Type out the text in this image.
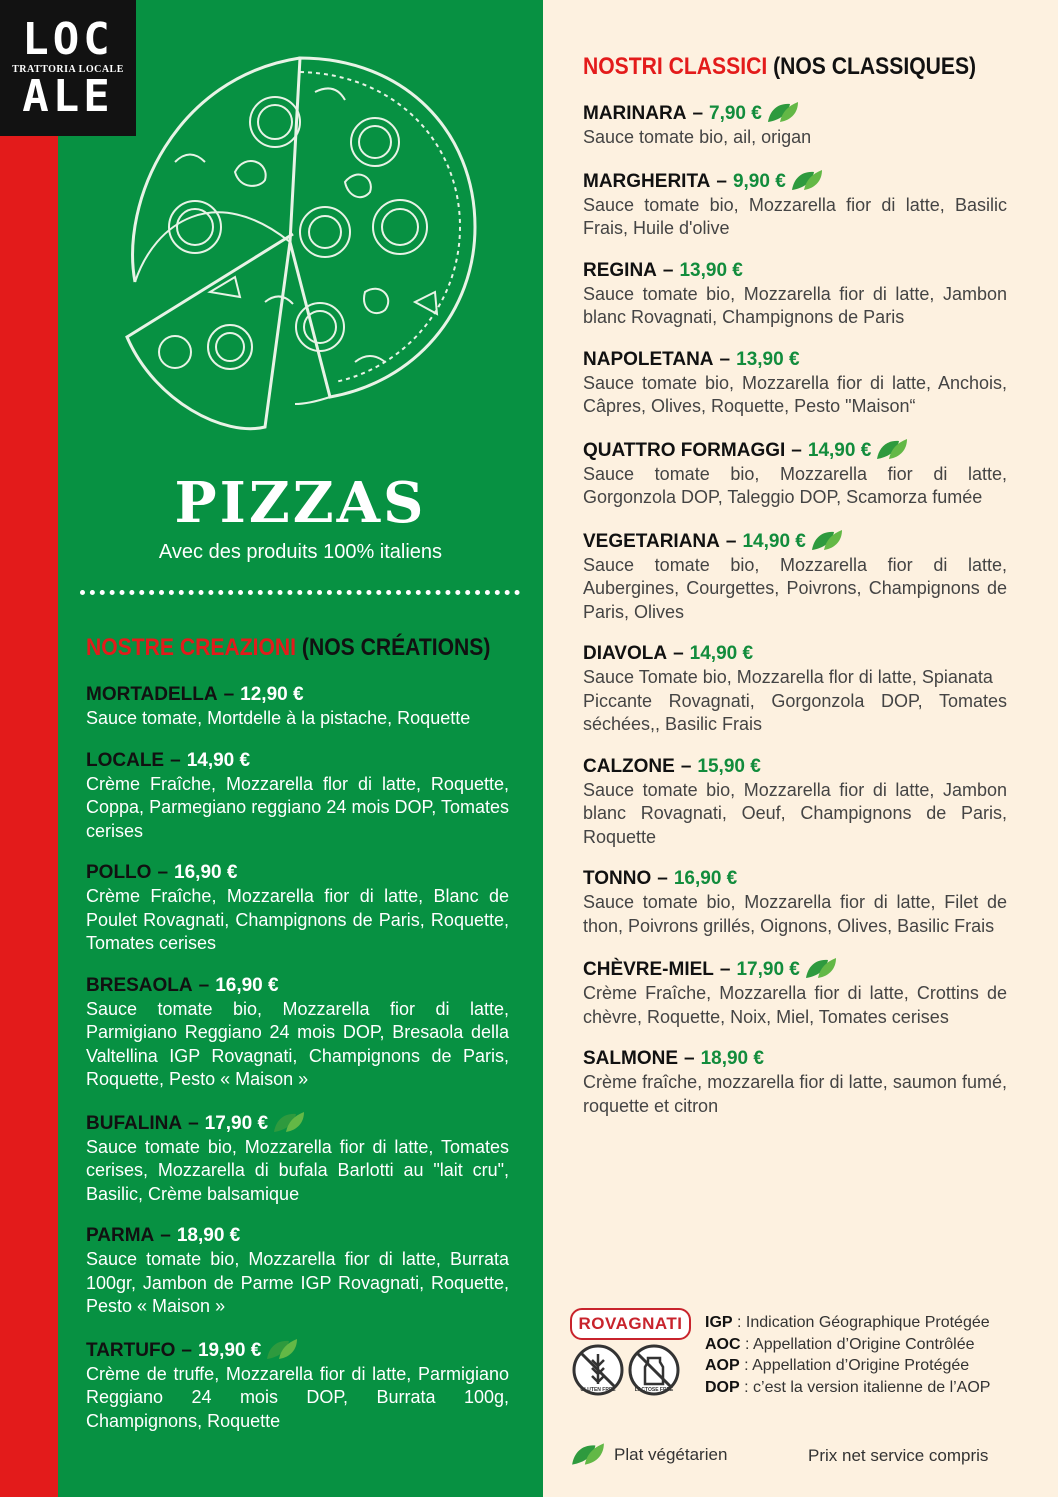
LOC
TRATTORIA LOCALE
ALE
PIZZAS
Avec des produits 100% italiens
NOSTRE CREAZIONI (NOS CRÉATIONS)
NOSTRI CLASSICI (NOS CLASSIQUES)
MORTADELLA – 12,90 €
Sauce tomate, Mortdelle à la pistache, Roquette
LOCALE – 14,90 €
Crème Fraîche, Mozzarella flor di latte, Roquette, Coppa, Parmegiano reggiano 24 mois DOP, Tomates cerises
POLLO – 16,90 €
Crème Fraîche, Mozzarella fior di latte, Blanc de Poulet Rovagnati, Champignons de Paris, Roquette, Tomates cerises
BRESAOLA – 16,90 €
Sauce tomate bio, Mozzarella fior di latte, Parmigiano Reggiano 24 mois DOP, Bresaola della Valtellina IGP Rovagnati, Champignons de Paris, Roquette, Pesto « Maison »
BUFALINA – 17,90 €
Sauce tomate bio, Mozzarella fior di latte, Tomates cerises, Mozzarella di bufala Barlotti au "lait cru", Basilic, Crème balsamique
PARMA – 18,90 €
Sauce tomate bio, Mozzarella fior di latte, Burrata 100gr, Jambon de Parme IGP Rovagnati, Roquette, Pesto « Maison »
TARTUFO – 19,90 €
Crème de truffe, Mozzarella fior di latte, Parmigiano Reggiano 24 mois DOP, Burrata 100g, Champignons, Roquette
MARINARA – 7,90 €
Sauce tomate bio, ail, origan
MARGHERITA – 9,90 €
Sauce tomate bio, Mozzarella fior di latte, Basilic Frais, Huile d'olive
REGINA – 13,90 €
Sauce tomate bio, Mozzarella fior di latte, Jambon blanc Rovagnati, Champignons de Paris
NAPOLETANA – 13,90 €
Sauce tomate bio, Mozzarella fior di latte, Anchois, Câpres, Olives, Roquette, Pesto "Maison“
QUATTRO FORMAGGI – 14,90 €
Sauce tomate bio, Mozzarella fior di latte, Gorgonzola DOP, Taleggio DOP, Scamorza fumée
VEGETARIANA – 14,90 €
Sauce tomate bio, Mozzarella fior di latte, Aubergines, Courgettes, Poivrons, Champignons de Paris, Olives
DIAVOLA – 14,90 €
Sauce Tomate bio, Mozzarella flor di latte, Spianata
Piccante Rovagnati, Gorgonzola DOP, Tomates séchées,, Basilic Frais
CALZONE – 15,90 €
Sauce tomate bio, Mozzarella fior di latte, Jambon blanc Rovagnati, Oeuf, Champignons de Paris, Roquette
TONNO – 16,90 €
Sauce tomate bio, Mozzarella fior di latte, Filet de thon, Poivrons grillés, Oignons, Olives, Basilic Frais
CHÈVRE-MIEL – 17,90 €
Crème Fraîche, Mozzarella fior di latte, Crottins de chèvre, Roquette, Noix, Miel, Tomates cerises
SALMONE – 18,90 €
Crème fraîche, mozzarella fior di latte, saumon fumé, roquette et citron
ROVAGNATI
GLUTEN FREE	LACTOSE FREE
IGP : Indication Géographique Protégée
AOC : Appellation d’Origine Contrôlée
AOP : Appellation d’Origine Protégée
DOP : c’est la version italienne de l’AOP
Plat végétarien	Prix net service compris
